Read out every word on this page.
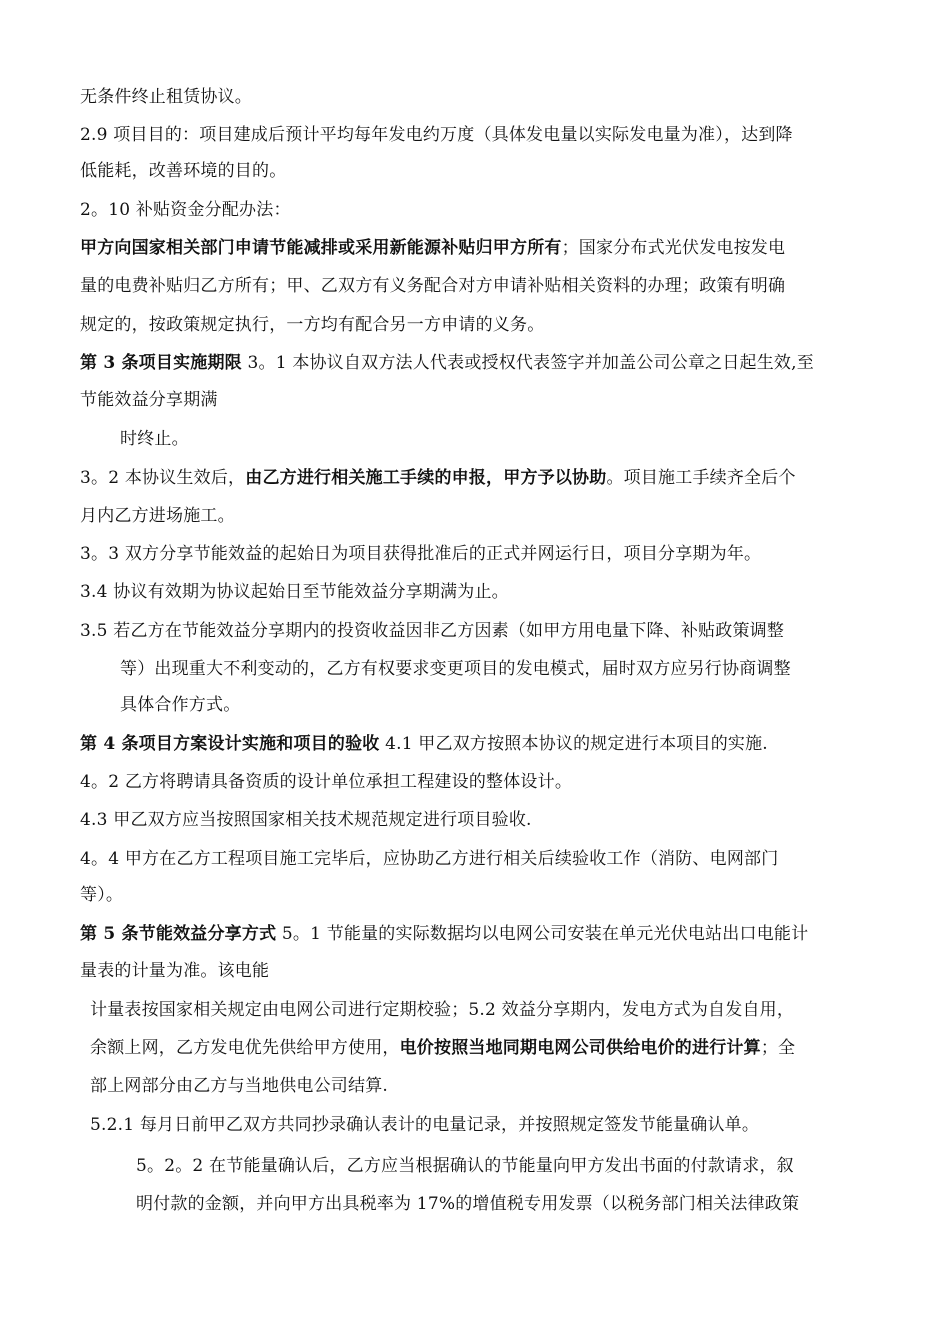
无条件终止租赁协议。
2.9 项目目的：项目建成后预计平均每年发电约万度（具体发电量以实际发电量为准），达到降
低能耗，改善环境的目的。
2。10 补贴资金分配办法：
甲方向国家相关部门申请节能减排或采用新能源补贴归甲方所有；国家分布式光伏发电按发电
量的电费补贴归乙方所有；甲、乙双方有义务配合对方申请补贴相关资料的办理；政策有明确
规定的，按政策规定执行，一方均有配合另一方申请的义务。
第 3 条项目实施期限 3。1 本协议自双方法人代表或授权代表签字并加盖公司公章之日起生效,至
节能效益分享期满
时终止。
3。2 本协议生效后，由乙方进行相关施工手续的申报，甲方予以协助。项目施工手续齐全后个
月内乙方进场施工。
3。3 双方分享节能效益的起始日为项目获得批准后的正式并网运行日，项目分享期为年。
3.4 协议有效期为协议起始日至节能效益分享期满为止。
3.5 若乙方在节能效益分享期内的投资收益因非乙方因素（如甲方用电量下降、补贴政策调整
等）出现重大不利变动的，乙方有权要求变更项目的发电模式，届时双方应另行协商调整
具体合作方式。
第 4 条项目方案设计实施和项目的验收 4.1 甲乙双方按照本协议的规定进行本项目的实施.
4。2 乙方将聘请具备资质的设计单位承担工程建设的整体设计。
4.3 甲乙双方应当按照国家相关技术规范规定进行项目验收.
4。4 甲方在乙方工程项目施工完毕后，应协助乙方进行相关后续验收工作（消防、电网部门
等）。
第 5 条节能效益分享方式 5。1 节能量的实际数据均以电网公司安装在单元光伏电站出口电能计
量表的计量为准。该电能
计量表按国家相关规定由电网公司进行定期校验；5.2 效益分享期内，发电方式为自发自用，
余额上网，乙方发电优先供给甲方使用，电价按照当地同期电网公司供给电价的进行计算；全
部上网部分由乙方与当地供电公司结算.
5.2.1 每月日前甲乙双方共同抄录确认表计的电量记录，并按照规定签发节能量确认单。
5。2。2 在节能量确认后，乙方应当根据确认的节能量向甲方发出书面的付款请求，叙
明付款的金额，并向甲方出具税率为 17%的增值税专用发票（以税务部门相关法律政策
